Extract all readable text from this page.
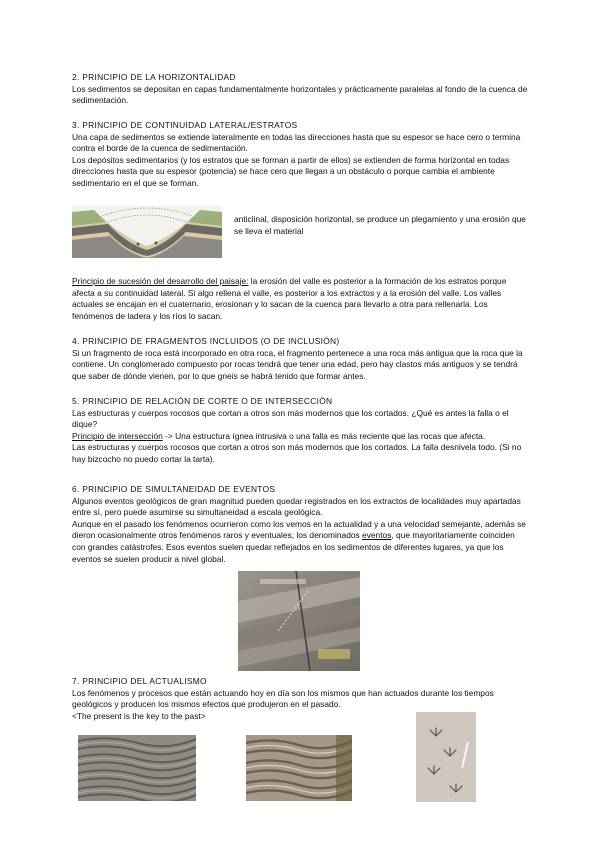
2. PRINCIPIO DE LA HORIZONTALIDAD

Los sedimentos se depositan en capas fundamentalmente horizontales y prácticamente paralelas al fondo de la cuenca de sedimentación.

3. PRINCIPIO DE CONTINUIDAD LATERAL/ESTRATOS

Una capa de sedimentos se extiende lateralmente en todas las direcciones hasta que su espesor se hace cero o termina contra el borde de la cuenca de sedimentación.

Los depósitos sedimentarios (y los estratos que se forman a partir de ellos) se extienden de forma horizontal en todas direcciones hasta que su espesor (potencia) se hace cero que llegan a un obstáculo o porque cambia el ambiente sedimentario en el que se forman.

anticlinal, disposición horizontal, se produce un plegamiento y una erosión que se lleva el material

Principio de sucesión del desarrollo del paisaje: la erosión del valle es posterior a la formación de los estratos porque afecta a su continuidad lateral. Si algo rellena el valle, es posterior a los extractos y a la erosión del valle. Los valles actuales se encajan en el cuaternario, erosionan y lo sacan de la cuenca para llevarlo a otra para rellenarla. Los fenómenos de ladera y los ríos lo sacan.

4. PRINCIPIO DE FRAGMENTOS INCLUIDOS (O DE INCLUSIÓN)

Si un fragmento de roca está incorporado en otra roca, el fragmento pertenece a una roca más antigua que la roca que la contiene. Un conglomerado compuesto por rocas tendrá que tener una edad, pero hay clastos más antiguos y se tendrá que saber de dónde vienen, por lo que gneis se habrá tenido que formar antes.

5. PRINCIPIO DE RELACIÓN DE CORTE O DE INTERSECCIÓN

Las estructuras y cuerpos rocosos que cortan a otros son más modernos que los cortados. ¿Qué es antes la falla o el dique?

Principio de intersección -> Una estructura ígnea intrusiva o una falla es más reciente que las rocas que afecta.

Las estructuras y cuerpos rocosos que cortan a otros son más modernos que los cortados. La falla desnivela todo. (Si no hay bizcocho no puedo cortar la tarta).

6. PRINCIPIO DE SIMULTANEIDAD DE EVENTOS

Algunos eventos geológicos de gran magnitud pueden quedar registrados en los extractos de localidades muy apartadas entre sí, pero puede asumirse su simultaneidad a escala geológica.

Aunque en el pasado los fenómenos ocurrieron como los vemos en la actualidad y a una velocidad semejante, además se dieron ocasionalmente otros fenómenos raros y eventuales, los denominados eventos, que mayoritariamente coinciden con grandes catástrofes. Esos eventos suelen quedar reflejados en los sedimentos de diferentes lugares, ya que los eventos se suelen producir a nivel global.

7. PRINCIPIO DEL ACTUALISMO

Los fenómenos y procesos que están actuando hoy en día son los mismos que han actuados durante los tiempos geológicos y producen los mismos efectos que produjeron en el pasado.

<The present is the key to the past>
